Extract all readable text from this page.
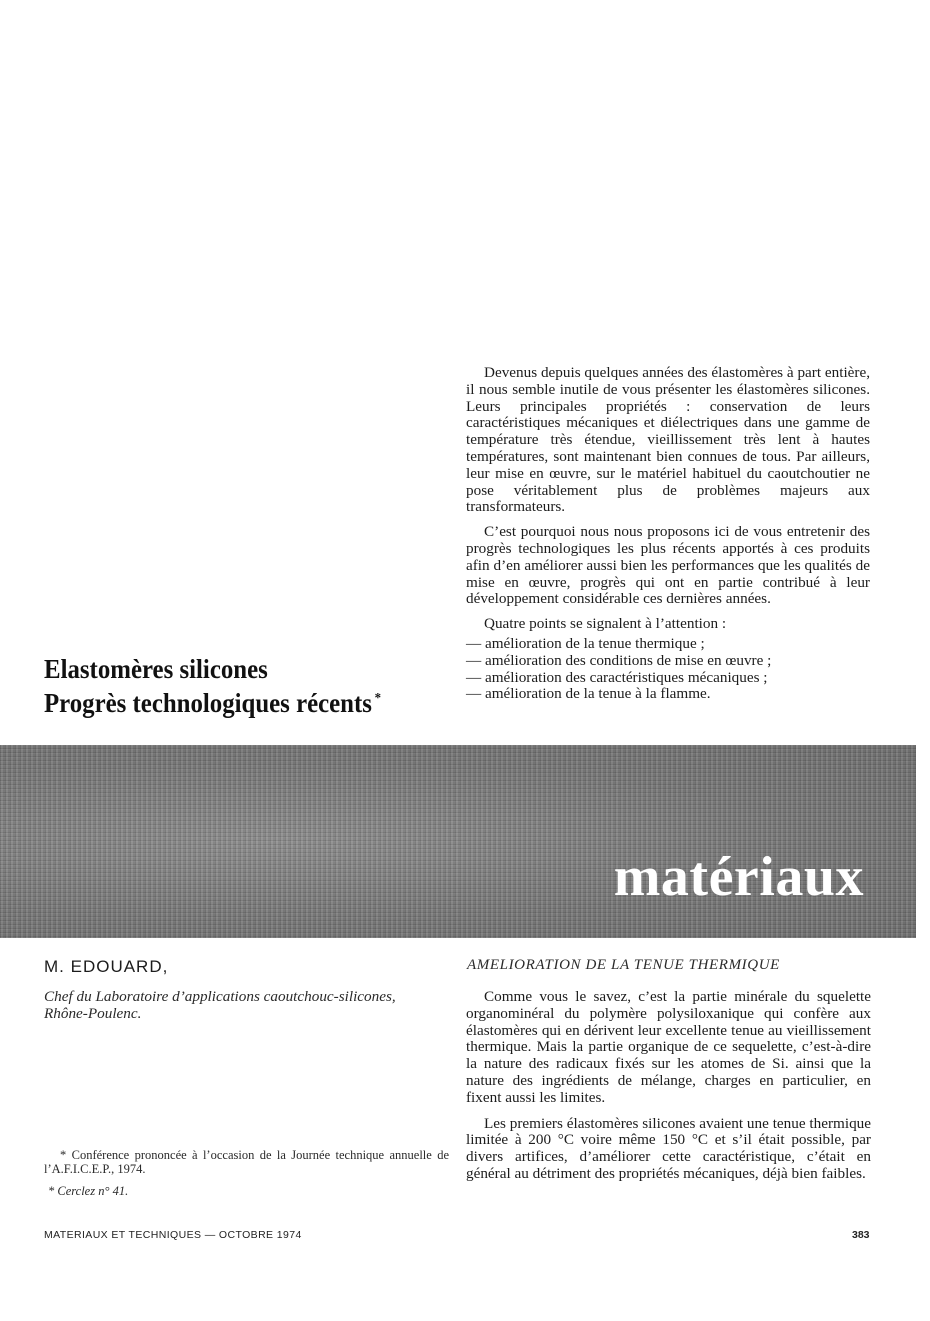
Elastomères silicones
Progrès technologiques récents *

Devenus depuis quelques années des élastomères à part entière, il nous semble inutile de vous présenter les élastomères silicones. Leurs principales propriétés : conservation de leurs caractéristiques mécaniques et diélectriques dans une gamme de température très étendue, vieillissement très lent à hautes températures, sont maintenant bien connues de tous. Par ailleurs, leur mise en œuvre, sur le matériel habituel du caoutchoutier ne pose véritablement plus de problèmes majeurs aux transformateurs.

C’est pourquoi nous nous proposons ici de vous entretenir des progrès technologiques les plus récents apportés à ces produits afin d’en améliorer aussi bien les performances que les qualités de mise en œuvre, progrès qui ont en partie contribué à leur développement considérable ces dernières années.

Quatre points se signalent à l’attention :

— amélioration de la tenue thermique ;
— amélioration des conditions de mise en œuvre ;
— amélioration des caractéristiques mécaniques ;
— amélioration de la tenue à la flamme.
matériaux
M. EDOUARD,
Chef du Laboratoire d’applications caoutchouc-silicones,
Rhône-Poulenc.

* Conférence prononcée à l’occasion de la Journée technique annuelle de l’A.F.I.C.E.P., 1974.

* Cerclez n° 41.

AMELIORATION DE LA TENUE THERMIQUE

Comme vous le savez, c’est la partie minérale du squelette organominéral du polymère polysiloxanique qui confère aux élastomères qui en dérivent leur excellente tenue au vieillissement thermique. Mais la partie organique de ce sequelette, c’est-à-dire la nature des radicaux fixés sur les atomes de Si. ainsi que la nature des ingrédients de mélange, charges en particulier, en fixent aussi les limites.

Les premiers élastomères silicones avaient une tenue thermique limitée à 200 °C voire même 150 °C et s’il était possible, par divers artifices, d’améliorer cette caractéristique, c’était en général au détriment des propriétés mécaniques, déjà bien faibles.

MATERIAUX ET TECHNIQUES — OCTOBRE 1974	383
